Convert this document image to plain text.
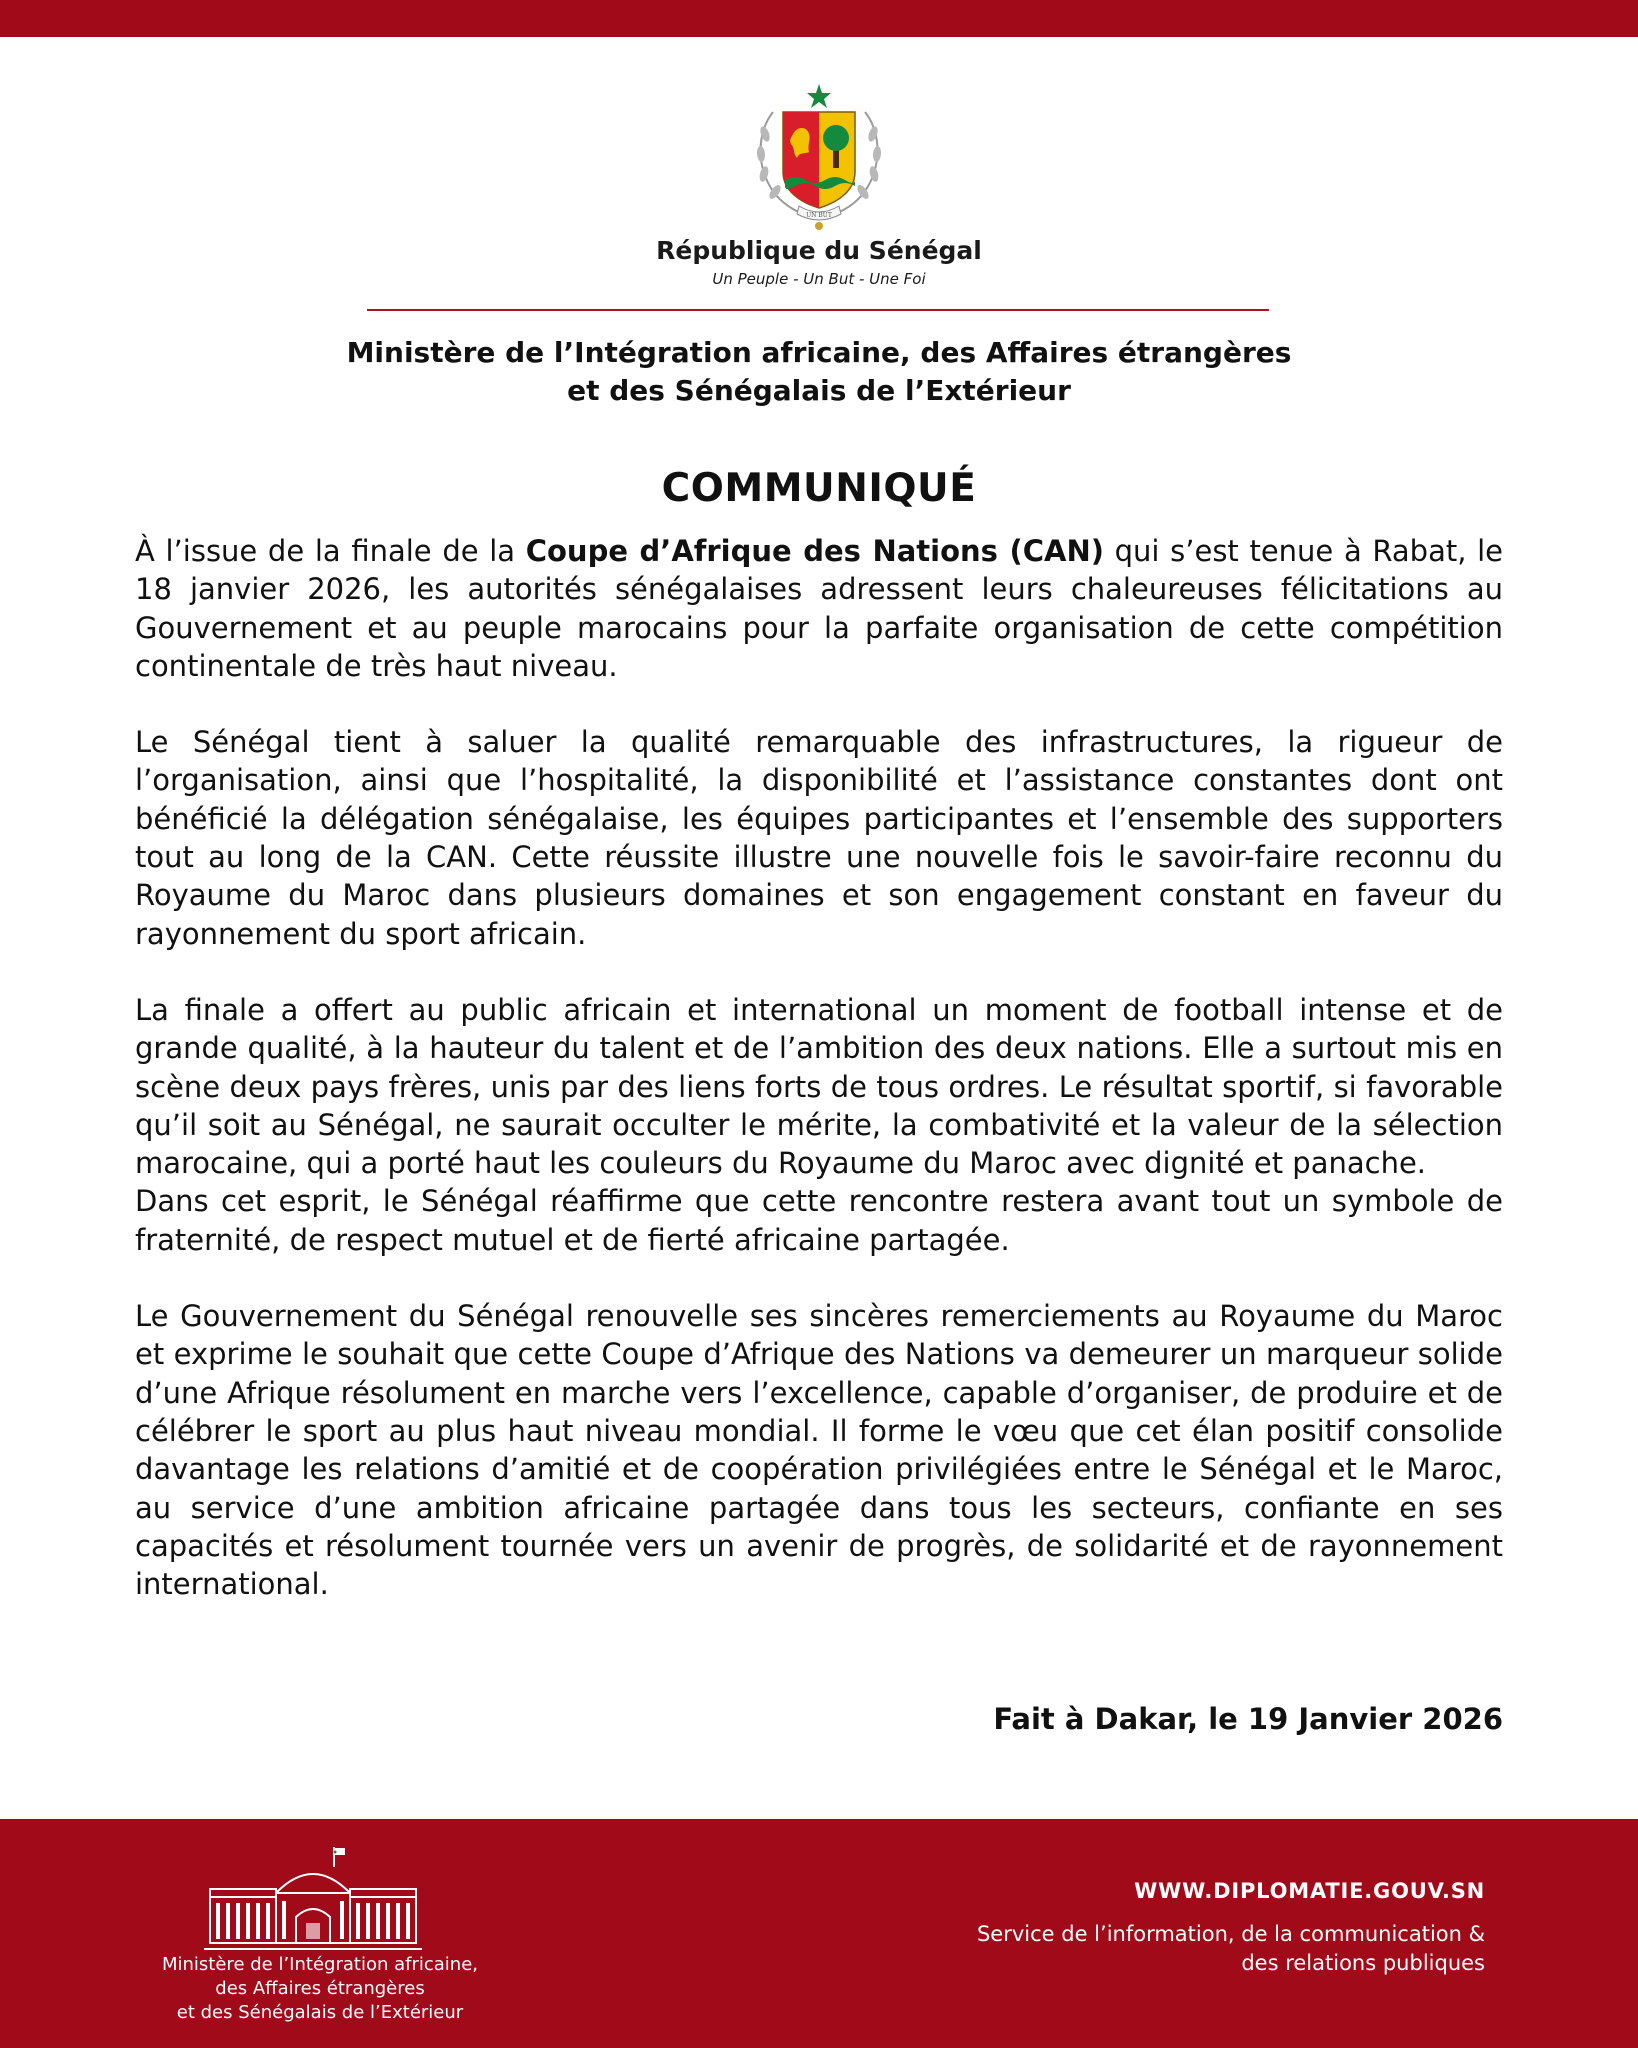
UN BUT
République du Sénégal
Un Peuple - Un But - Une Foi
Ministère de l’Intégration africaine, des Affaires étrangères
et des Sénégalais de l’Extérieur
COMMUNIQUÉ

À l’issue de la finale de la Coupe d’Afrique des Nations (CAN) qui s’est tenue à Rabat, le 18 janvier 2026, les autorités sénégalaises adressent leurs chaleureuses félicitations au Gouvernement et au peuple marocains pour la parfaite organisation de cette compétition continentale de très haut niveau.

Le Sénégal tient à saluer la qualité remarquable des infrastructures, la rigueur de l’organisation, ainsi que l’hospitalité, la disponibilité et l’assistance constantes dont ont bénéficié la délégation sénégalaise, les équipes participantes et l’ensemble des supporters tout au long de la CAN. Cette réussite illustre une nouvelle fois le savoir-faire reconnu du Royaume du Maroc dans plusieurs domaines et son engagement constant en faveur du rayonnement du sport africain.

La finale a offert au public africain et international un moment de football intense et de grande qualité, à la hauteur du talent et de l’ambition des deux nations. Elle a surtout mis en scène deux pays frères, unis par des liens forts de tous ordres. Le résultat sportif, si favorable qu’il soit au Sénégal, ne saurait occulter le mérite, la combativité et la valeur de la sélection marocaine, qui a porté haut les couleurs du Royaume du Maroc avec dignité et panache.

Dans cet esprit, le Sénégal réaffirme que cette rencontre restera avant tout un symbole de fraternité, de respect mutuel et de fierté africaine partagée.

Le Gouvernement du Sénégal renouvelle ses sincères remerciements au Royaume du Maroc et exprime le souhait que cette Coupe d’Afrique des Nations va demeurer un marqueur solide d’une Afrique résolument en marche vers l’excellence, capable d’organiser, de produire et de célébrer le sport au plus haut niveau mondial. Il forme le vœu que cet élan positif consolide davantage les relations d’amitié et de coopération privilégiées entre le Sénégal et le Maroc, au service d’une ambition africaine partagée dans tous les secteurs, confiante en ses capacités et résolument tournée vers un avenir de progrès, de solidarité et de rayonnement international.

Fait à Dakar, le 19 Janvier 2026
Ministère de l’Intégration africaine,
des Affaires étrangères
et des Sénégalais de l’Extérieur
WWW.DIPLOMATIE.GOUV.SN
Service de l’information, de la communication &
des relations publiques
